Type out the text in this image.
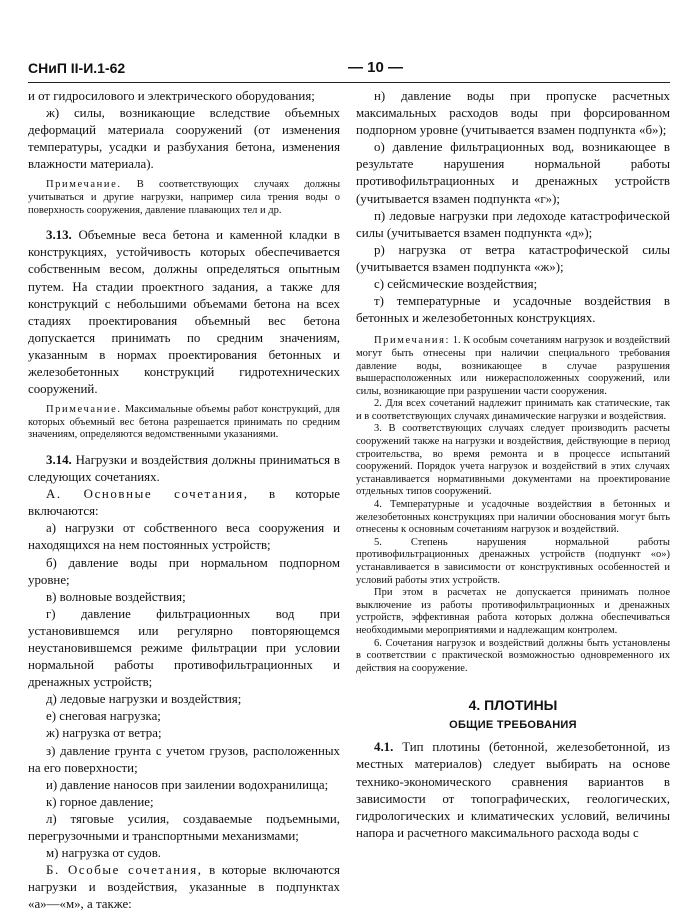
СНиП II-И.1-62	— 10 —

и от гидросилового и электрического оборудования;

ж) силы, возникающие вследствие объемных деформаций материала сооружений (от изменения температуры, усадки и разбухания бетона, изменения влажности материала).

Примечание. В соответствующих случаях должны учитываться и другие нагрузки, например сила трения воды о поверхность сооружения, давление плавающих тел и др.

3.13. Объемные веса бетона и каменной кладки в конструкциях, устойчивость которых обеспечивается собственным весом, должны определяться опытным путем. На стадии проектного задания, а также для конструкций с небольшими объемами бетона на всех стадиях проектирования объемный вес бетона допускается принимать по средним значениям, указанным в нормах проектирования бетонных и железобетонных конструкций гидротехнических сооружений.

Примечание. Максимальные объемы работ конструкций, для которых объемный вес бетона разрешается принимать по средним значениям, определяются ведомственными указаниями.

3.14. Нагрузки и воздействия должны приниматься в следующих сочетаниях.

А. Основные сочетания, в которые включаются:

а) нагрузки от собственного веса сооружения и находящихся на нем постоянных устройств;

б) давление воды при нормальном подпорном уровне;

в) волновые воздействия;

г) давление фильтрационных вод при установившемся или регулярно повторяющемся неустановившемся режиме фильтрации при условии нормальной работы противофильтрационных и дренажных устройств;

д) ледовые нагрузки и воздействия;

е) снеговая нагрузка;

ж) нагрузка от ветра;

з) давление грунта с учетом грузов, расположенных на его поверхности;

и) давление наносов при заилении водохранилища;

к) горное давление;

л) тяговые усилия, создаваемые подъемными, перегрузочными и транспортными механизмами;

м) нагрузка от судов.

Б. Особые сочетания, в которые включаются нагрузки и воздействия, указанные в подпунктах «а»—«м», а также:

н) давление воды при пропуске расчетных максимальных расходов воды при форсированном подпорном уровне (учитывается взамен подпункта «б»);

о) давление фильтрационных вод, возникающее в результате нарушения нормальной работы противофильтрационных и дренажных устройств (учитывается взамен подпункта «г»);

п) ледовые нагрузки при ледоходе катастрофической силы (учитывается взамен подпункта «д»);

р) нагрузка от ветра катастрофической силы (учитывается взамен подпункта «ж»);

с) сейсмические воздействия;

т) температурные и усадочные воздействия в бетонных и железобетонных конструкциях.

Примечания: 1. К особым сочетаниям нагрузок и воздействий могут быть отнесены при наличии специального требования давление воды, возникающее в случае разрушения вышерасположенных или нижерасположенных сооружений, или силы, возникающие при разрушении части сооружения.

2. Для всех сочетаний надлежит принимать как статические, так и в соответствующих случаях динамические нагрузки и воздействия.

3. В соответствующих случаях следует производить расчеты сооружений также на нагрузки и воздействия, действующие в период строительства, во время ремонта и в процессе испытаний сооружений. Порядок учета нагрузок и воздействий в этих случаях устанавливается нормативными документами на проектирование отдельных типов сооружений.

4. Температурные и усадочные воздействия в бетонных и железобетонных конструкциях при наличии обоснования могут быть отнесены к основным сочетаниям нагрузок и воздействий.

5. Степень нарушения нормальной работы противофильтрационных дренажных устройств (подпункт «о») устанавливается в зависимости от конструктивных особенностей и условий работы этих устройств.

При этом в расчетах не допускается принимать полное выключение из работы противофильтрационных и дренажных устройств, эффективная работа которых должна обеспечиваться необходимыми мероприятиями и надлежащим контролем.

6. Сочетания нагрузок и воздействий должны быть установлены в соответствии с практической возможностью одновременного их действия на сооружение.

4. ПЛОТИНЫ
ОБЩИЕ ТРЕБОВАНИЯ

4.1. Тип плотины (бетонной, железобетонной, из местных материалов) следует выбирать на основе технико-экономического сравнения вариантов в зависимости от топографических, геологических, гидрологических и климатических условий, величины напора и расчетного максимального расхода воды с
